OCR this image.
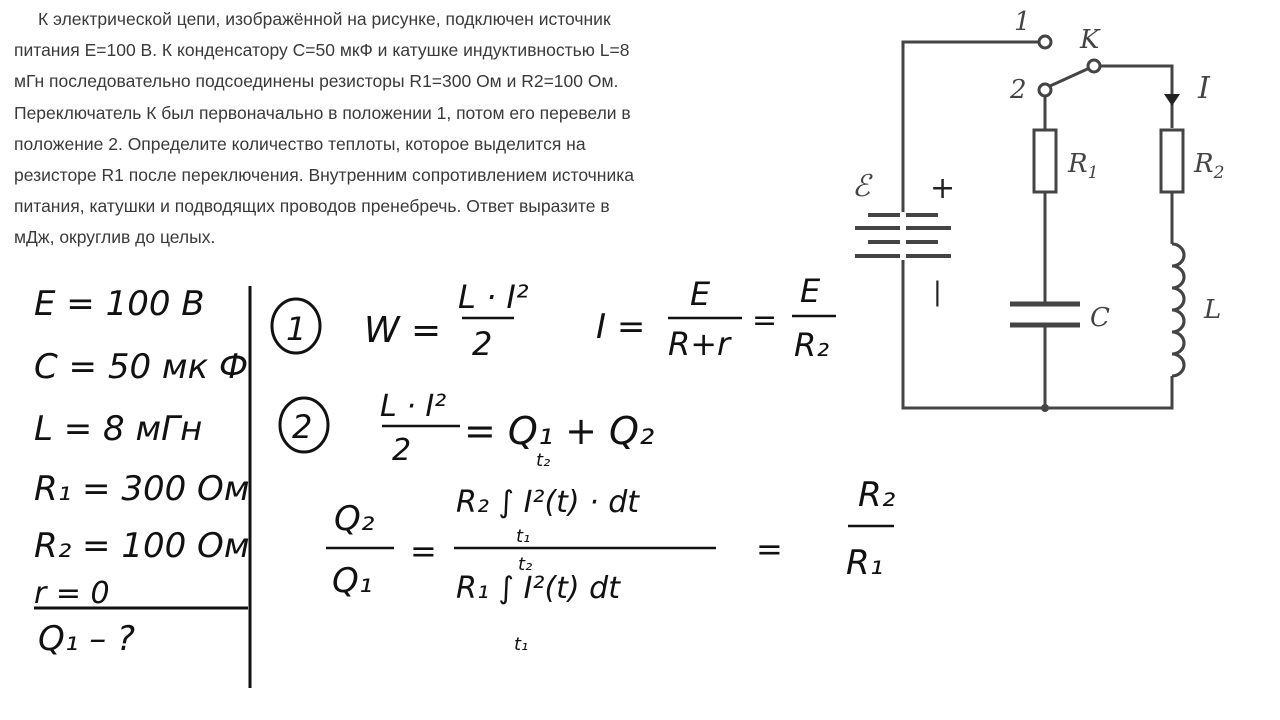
К электрической цепи, изображённой на рисунке, подключен источник
питания E=100 В. К конденсатору C=50 мкФ и катушке индуктивностью L=8
мГн последовательно подсоединены резисторы R1=300 Ом и R2=100 Ом.
Переключатель К был первоначально в положении 1, потом его перевели в
положение 2. Определите количество теплоты, которое выделится на
резисторе R1 после переключения. Внутренним сопротивлением источника
питания, катушки и подводящих проводов пренебречь. Ответ выразите в
мДж, округлив до целых.
1
2
K
I
ℰ +
|
$R_1$	$R_2$
C	L
E = 100 B
C = 50 мк Ф
L = 8 мГн
R₁ = 300 Ом
R₂ = 100 Ом
r = 0
Q₁ – ?
1 W =
L · I²
2	I =
E
R+r
=
E
R₂
2
L · I²
2 = Q₁ + Q₂
Q₂
Q₁
=
t₂
R₂ ∫ I²(t) · dt
t₁
t₂
R₁ ∫ I²(t) dt
t₁
=
R₂
R₁
